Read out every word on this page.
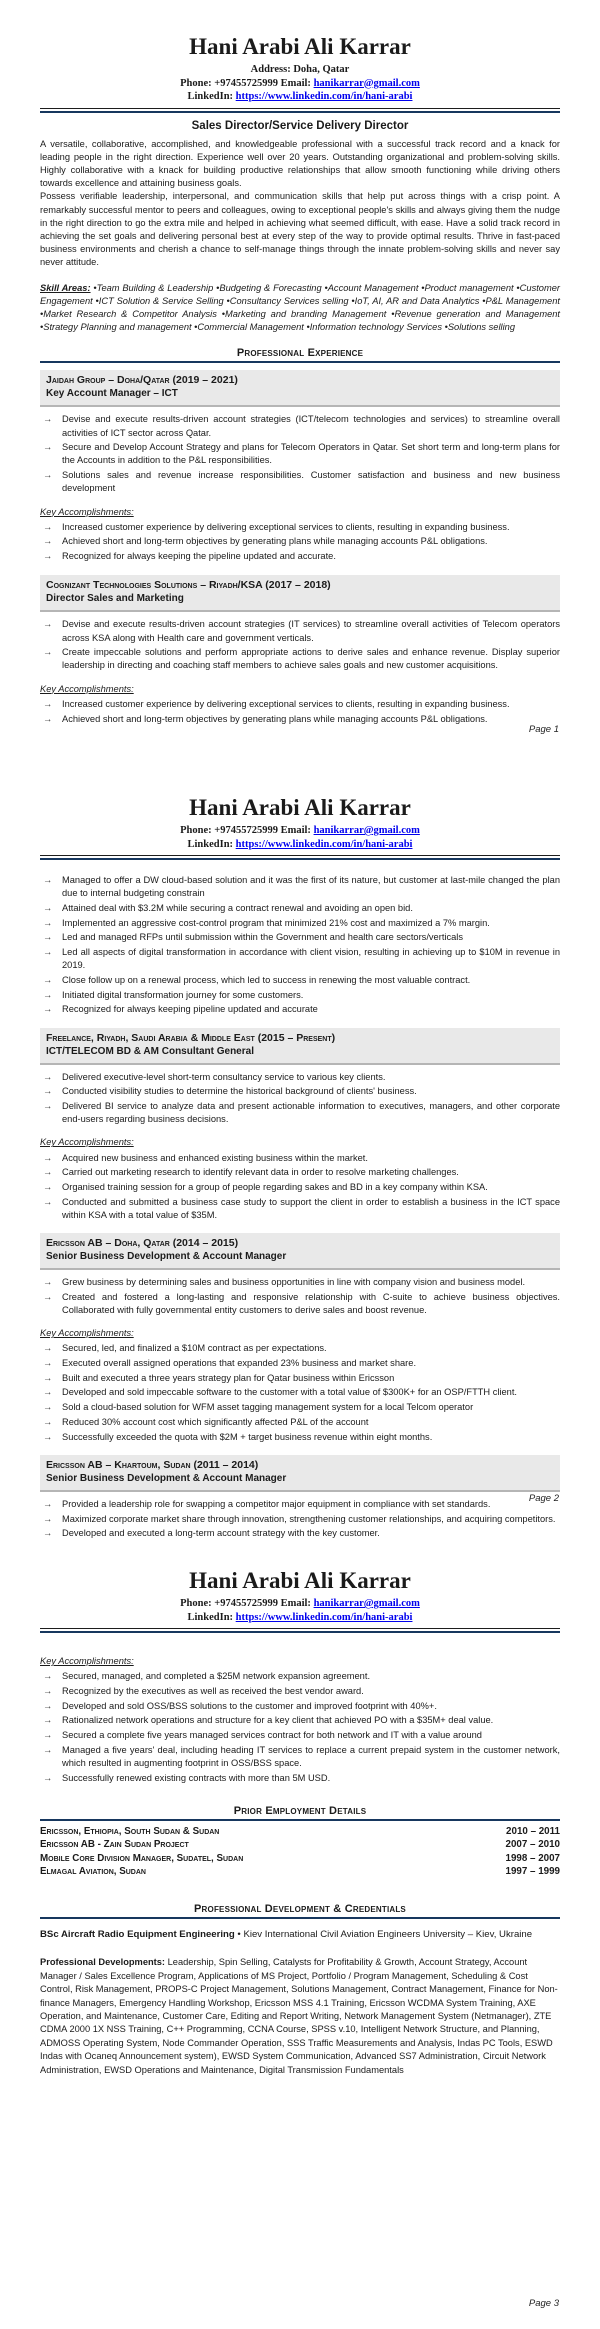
Hani Arabi Ali Karrar
Address: Doha, Qatar
Phone: +97455725999 Email: hanikarrar@gmail.com
LinkedIn: https://www.linkedin.com/in/hani-arabi
Sales Director/Service Delivery Director

A versatile, collaborative, accomplished, and knowledgeable professional with a successful track record and a knack for leading people in the right direction. Experience well over 20 years. Outstanding organizational and problem-solving skills. Highly collaborative with a knack for building productive relationships that allow smooth functioning while driving others towards excellence and attaining business goals.

Possess verifiable leadership, interpersonal, and communication skills that help put across things with a crisp point. A remarkably successful mentor to peers and colleagues, owing to exceptional people's skills and always giving them the nudge in the right direction to go the extra mile and helped in achieving what seemed difficult, with ease. Have a solid track record in achieving the set goals and delivering personal best at every step of the way to provide optimal results. Thrive in fast-paced business environments and cherish a chance to self-manage things through the innate problem-solving skills and never say never attitude.

Skill Areas: •Team Building & Leadership •Budgeting & Forecasting •Account Management •Product management •Customer Engagement •ICT Solution & Service Selling •Consultancy Services selling •IoT, AI, AR and Data Analytics •P&L Management •Market Research & Competitor Analysis •Marketing and branding Management •Revenue generation and Management •Strategy Planning and management •Commercial Management •Information technology Services •Solutions selling

Professional Experience
Jaidah Group – Doha/Qatar (2019 – 2021)
Key Account Manager – ICT
→	Devise and execute results-driven account strategies (ICT/telecom technologies and services) to streamline overall activities of ICT sector across Qatar.
→	Secure and Develop Account Strategy and plans for Telecom Operators in Qatar. Set short term and long-term plans for the Accounts in addition to the P&L responsibilities.
→	Solutions sales and revenue increase responsibilities. Customer satisfaction and business and new business development
Key Accomplishments:
→	Increased customer experience by delivering exceptional services to clients, resulting in expanding business.
→	Achieved short and long-term objectives by generating plans while managing accounts P&L obligations.
→	Recognized for always keeping the pipeline updated and accurate.
Cognizant Technologies Solutions – Riyadh/KSA (2017 – 2018)
Director Sales and Marketing
→	Devise and execute results-driven account strategies (IT services) to streamline overall activities of Telecom operators across KSA along with Health care and government verticals.
→	Create impeccable solutions and perform appropriate actions to derive sales and enhance revenue. Display superior leadership in directing and coaching staff members to achieve sales goals and new customer acquisitions.
Key Accomplishments:
→	Increased customer experience by delivering exceptional services to clients, resulting in expanding business.
→	Achieved short and long-term objectives by generating plans while managing accounts P&L obligations.
Page 1
Hani Arabi Ali Karrar
Phone: +97455725999 Email: hanikarrar@gmail.com
LinkedIn: https://www.linkedin.com/in/hani-arabi
→	Managed to offer a DW cloud-based solution and it was the first of its nature, but customer at last-mile changed the plan due to internal budgeting constrain
→	Attained deal with $3.2M while securing a contract renewal and avoiding an open bid.
→	Implemented an aggressive cost-control program that minimized 21% cost and maximized a 7% margin.
→	Led and managed RFPs until submission within the Government and health care sectors/verticals
→	Led all aspects of digital transformation in accordance with client vision, resulting in achieving up to $10M in revenue in 2019.
→	Close follow up on a renewal process, which led to success in renewing the most valuable contract.
→	Initiated digital transformation journey for some customers.
→	Recognized for always keeping pipeline updated and accurate
Freelance, Riyadh, Saudi Arabia & Middle East (2015 – Present)
ICT/TELECOM BD & AM Consultant General
→	Delivered executive-level short-term consultancy service to various key clients.
→	Conducted visibility studies to determine the historical background of clients' business.
→	Delivered BI service to analyze data and present actionable information to executives, managers, and other corporate end-users regarding business decisions.
Key Accomplishments:
→	Acquired new business and enhanced existing business within the market.
→	Carried out marketing research to identify relevant data in order to resolve marketing challenges.
→	Organised training session for a group of people regarding sakes and BD in a key company within KSA.
→	Conducted and submitted a business case study to support the client in order to establish a business in the ICT space within KSA with a total value of $35M.
Ericsson AB – Doha, Qatar (2014 – 2015)
Senior Business Development & Account Manager
→	Grew business by determining sales and business opportunities in line with company vision and business model.
→	Created and fostered a long-lasting and responsive relationship with C-suite to achieve business objectives. Collaborated with fully governmental entity customers to derive sales and boost revenue.
Key Accomplishments:
→	Secured, led, and finalized a $10M contract as per expectations.
→	Executed overall assigned operations that expanded 23% business and market share.
→	Built and executed a three years strategy plan for Qatar business within Ericsson
→	Developed and sold impeccable software to the customer with a total value of $300K+ for an OSP/FTTH client.
→	Sold a cloud-based solution for WFM asset tagging management system for a local Telcom operator
→	Reduced 30% account cost which significantly affected P&L of the account
→	Successfully exceeded the quota with $2M + target business revenue within eight months.
Ericsson AB – Khartoum, Sudan (2011 – 2014)
Senior Business Development & Account Manager
→	Provided a leadership role for swapping a competitor major equipment in compliance with set standards.
→	Maximized corporate market share through innovation, strengthening customer relationships, and acquiring competitors.
→	Developed and executed a long-term account strategy with the key customer.
Page 2
Hani Arabi Ali Karrar
Phone: +97455725999 Email: hanikarrar@gmail.com
LinkedIn: https://www.linkedin.com/in/hani-arabi
Key Accomplishments:
→	Secured, managed, and completed a $25M network expansion agreement.
→	Recognized by the executives as well as received the best vendor award.
→	Developed and sold OSS/BSS solutions to the customer and improved footprint with 40%+.
→	Rationalized network operations and structure for a key client that achieved PO with a $35M+ deal value.
→	Secured a complete five years managed services contract for both network and IT with a value around
→	Managed a five years' deal, including heading IT services to replace a current prepaid system in the customer network, which resulted in augmenting footprint in OSS/BSS space.
→	Successfully renewed existing contracts with more than 5M USD.
Prior Employment Details
Ericsson, Ethiopia, South Sudan & Sudan	2010 – 2011
Ericsson AB - Zain Sudan Project	2007 – 2010
Mobile Core Division Manager, Sudatel, Sudan	1998 – 2007
Elmagal Aviation, Sudan	1997 – 1999
Professional Development & Credentials

BSc Aircraft Radio Equipment Engineering • Kiev International Civil Aviation Engineers University – Kiev, Ukraine

Professional Developments: Leadership, Spin Selling, Catalysts for Profitability & Growth, Account Strategy, Account Manager / Sales Excellence Program, Applications of MS Project, Portfolio / Program Management, Scheduling & Cost Control, Risk Management, PROPS-C Project Management, Solutions Management, Contract Management, Finance for Non-finance Managers, Emergency Handling Workshop, Ericsson MSS 4.1 Training, Ericsson WCDMA System Training, AXE Operation, and Maintenance, Customer Care, Editing and Report Writing, Network Management System (Netmanager), ZTE CDMA 2000 1X NSS Training, C++ Programming, CCNA Course, SPSS v.10, Intelligent Network Structure, and Planning, ADMOSS Operating System, Node Commander Operation, SSS Traffic Measurements and Analysis, Indas PC Tools, ESWD Indas with Ocaneq Announcement system), EWSD System Communication, Advanced SS7 Administration, Circuit Network Administration, EWSD Operations and Maintenance, Digital Transmission Fundamentals

Page 3
